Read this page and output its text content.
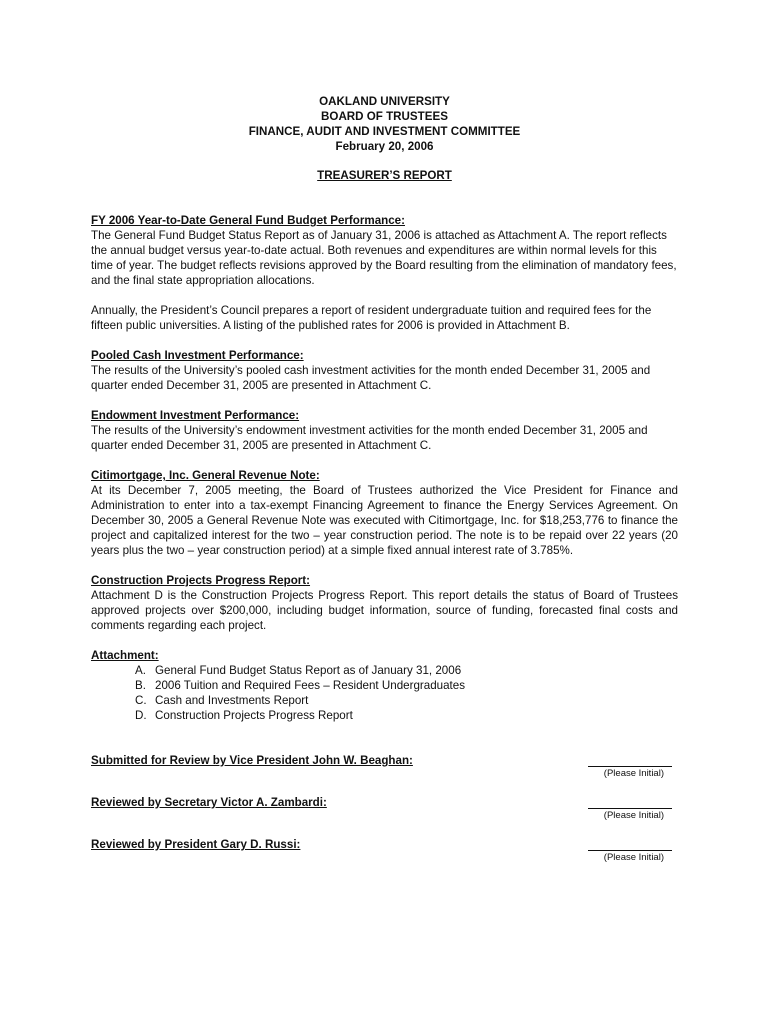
OAKLAND UNIVERSITY
BOARD OF TRUSTEES
FINANCE, AUDIT AND INVESTMENT COMMITTEE
February 20, 2006
TREASURER’S REPORT
FY 2006 Year-to-Date General Fund Budget Performance:

The General Fund Budget Status Report as of January 31, 2006 is attached as Attachment A. The report reflects the annual budget versus year-to-date actual. Both revenues and expenditures are within normal levels for this time of year. The budget reflects revisions approved by the Board resulting from the elimination of mandatory fees, and the final state appropriation allocations.

Annually, the President’s Council prepares a report of resident undergraduate tuition and required fees for the fifteen public universities. A listing of the published rates for 2006 is provided in Attachment B.

Pooled Cash Investment Performance:

The results of the University’s pooled cash investment activities for the month ended December 31, 2005 and quarter ended December 31, 2005 are presented in Attachment C.

Endowment Investment Performance:

The results of the University’s endowment investment activities for the month ended December 31, 2005 and quarter ended December 31, 2005 are presented in Attachment C.

Citimortgage, Inc. General Revenue Note:

At its December 7, 2005 meeting, the Board of Trustees authorized the Vice President for Finance and Administration to enter into a tax-exempt Financing Agreement to finance the Energy Services Agreement. On December 30, 2005 a General Revenue Note was executed with Citimortgage, Inc. for $18,253,776 to finance the project and capitalized interest for the two – year construction period. The note is to be repaid over 22 years (20 years plus the two – year construction period) at a simple fixed annual interest rate of 3.785%.

Construction Projects Progress Report:

Attachment D is the Construction Projects Progress Report. This report details the status of Board of Trustees approved projects over $200,000, including budget information, source of funding, forecasted final costs and comments regarding each project.

Attachment:
A. General Fund Budget Status Report as of January 31, 2006
B. 2006 Tuition and Required Fees – Resident Undergraduates
C. Cash and Investments Report
D. Construction Projects Progress Report
Submitted for Review by Vice President John W. Beaghan:
(Please Initial)
Reviewed by Secretary Victor A. Zambardi:
(Please Initial)
Reviewed by President Gary D. Russi:
(Please Initial)
